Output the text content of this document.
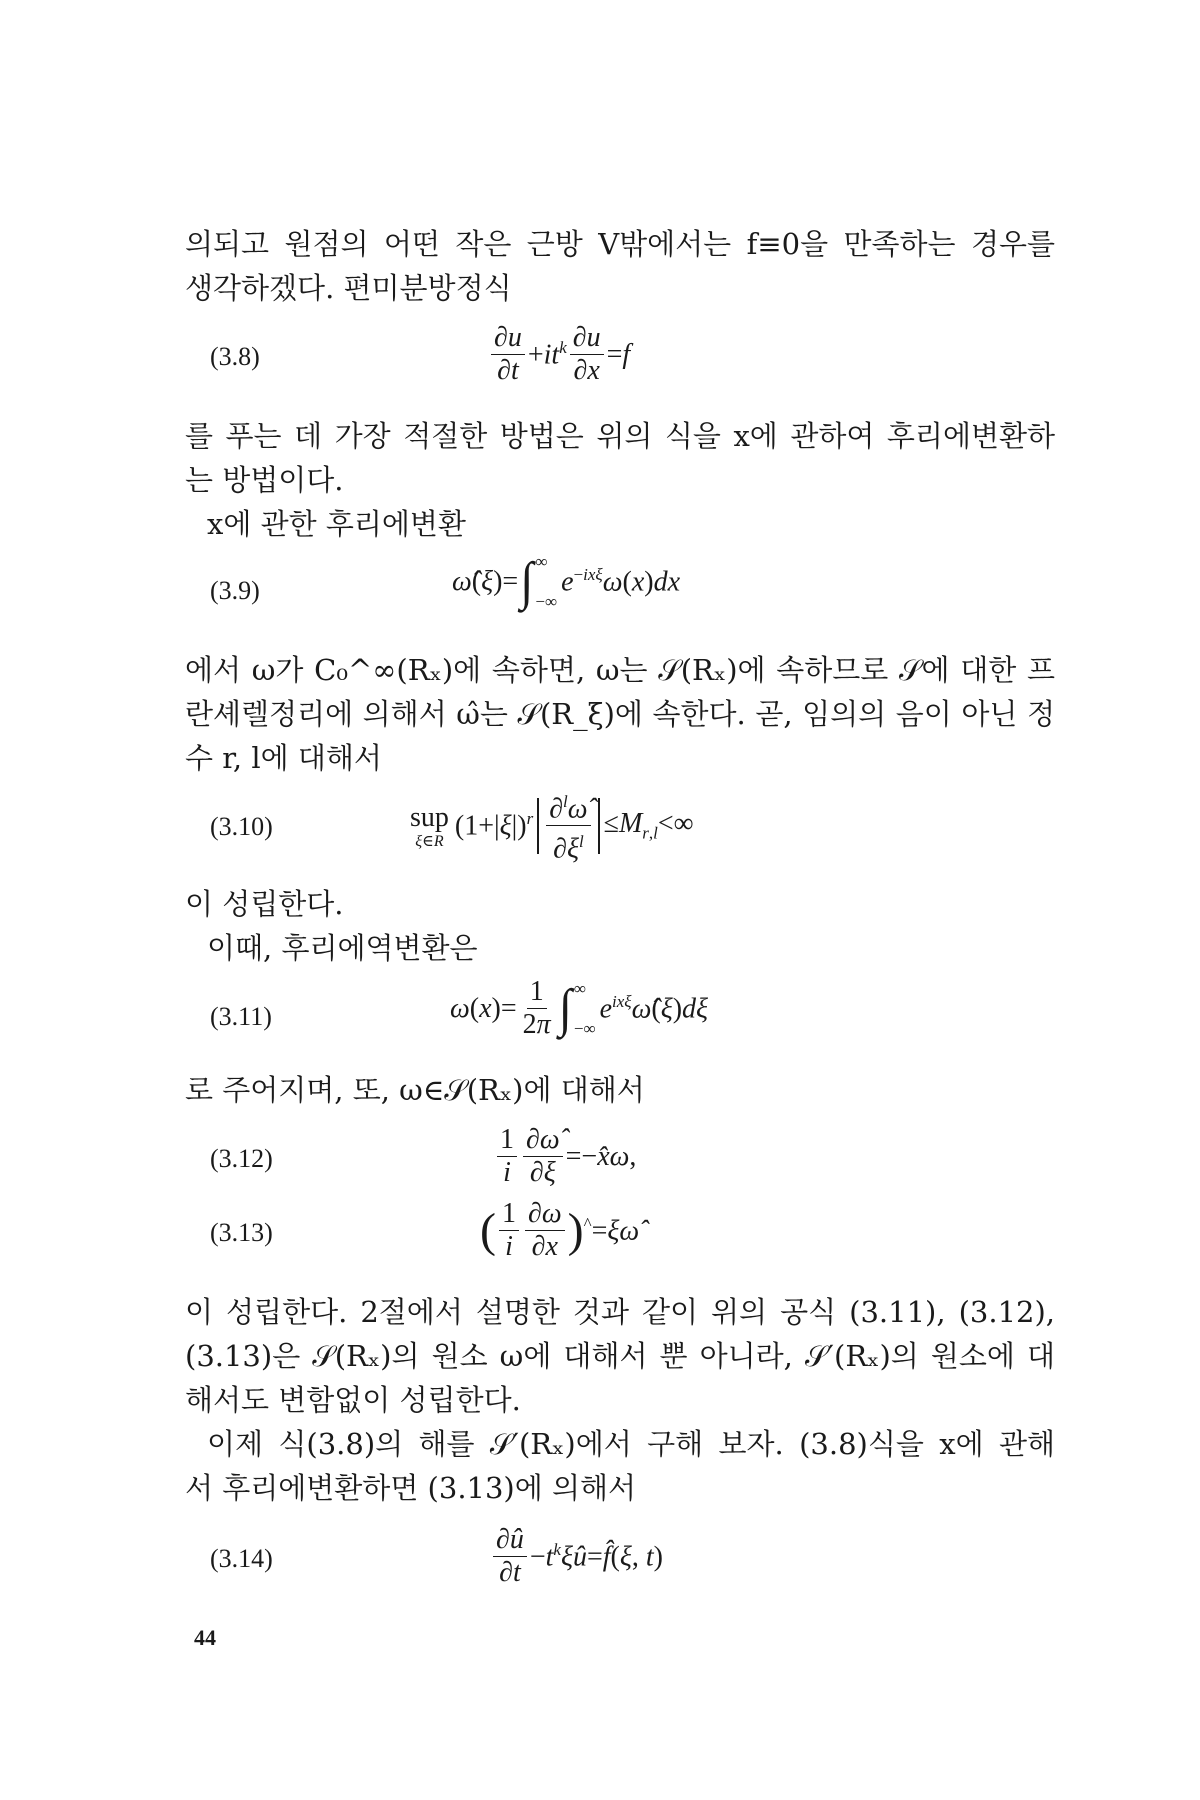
의되고 원점의 어떤 작은 근방 V밖에서는 f≡0을 만족하는 경우를
생각하겠다. 편미분방정식
(3.8)	$\frac{\partial u}{\partial t} +it^k \frac{\partial u}{\partial x} =f$
를 푸는 데 가장 적절한 방법은 위의 식을 x에 관하여 후리에변환하
는 방법이다.
x에 관한 후리에변환
(3.9)	ω̂(ξ)= ∫ ∞
−∞
$e^{-ix\xi}\omega(x)dx$
에서 ω가 C₀^∞(Rₓ)에 속하면, ω는 𝒮(Rₓ)에 속하므로 𝒮에 대한 프
란셰렐정리에 의해서 ω̂는 𝒮(R_ξ)에 속한다. 곧, 임의의 음이 아닌 정
수 r, l에 대해서
(3.10)	sup
ξ∈R $(1+|\xi|)^r \frac{\partial^l\omegâ}{\partial\xi^l} \le M_{r,l}<\infty$
이 성립한다.
이때, 후리에역변환은
(3.11)	$\omega(x)= \frac{1}{2\pi}$ ∫ ∞
−∞
$e^{ix\xi}\omegâ(\xi)d\xi$
로 주어지며, 또, ω∈𝒮(Rₓ)에 대해서
(3.12)	$\frac{1}{i} \frac{\partial\omegâ}{\partial\xi}$ =−x̂ω,
(3.13)	( $\frac{1}{i} \frac{\partial\omega}{\partial x}$ ) ^=ξω̂
이 성립한다. 2절에서 설명한 것과 같이 위의 공식 (3.11), (3.12),
(3.13)은 𝒮(Rₓ)의 원소 ω에 대해서 뿐 아니라, 𝒮′(Rₓ)의 원소에 대
해서도 변함없이 성립한다.
이제 식(3.8)의 해를 𝒮′(Rₓ)에서 구해 보자. (3.8)식을 x에 관해
서 후리에변환하면 (3.13)에 의해서
(3.14)	$\frac{\partial û}{\partial t}$ $-t^k\xi û=f̂(\xi$, t)
44
